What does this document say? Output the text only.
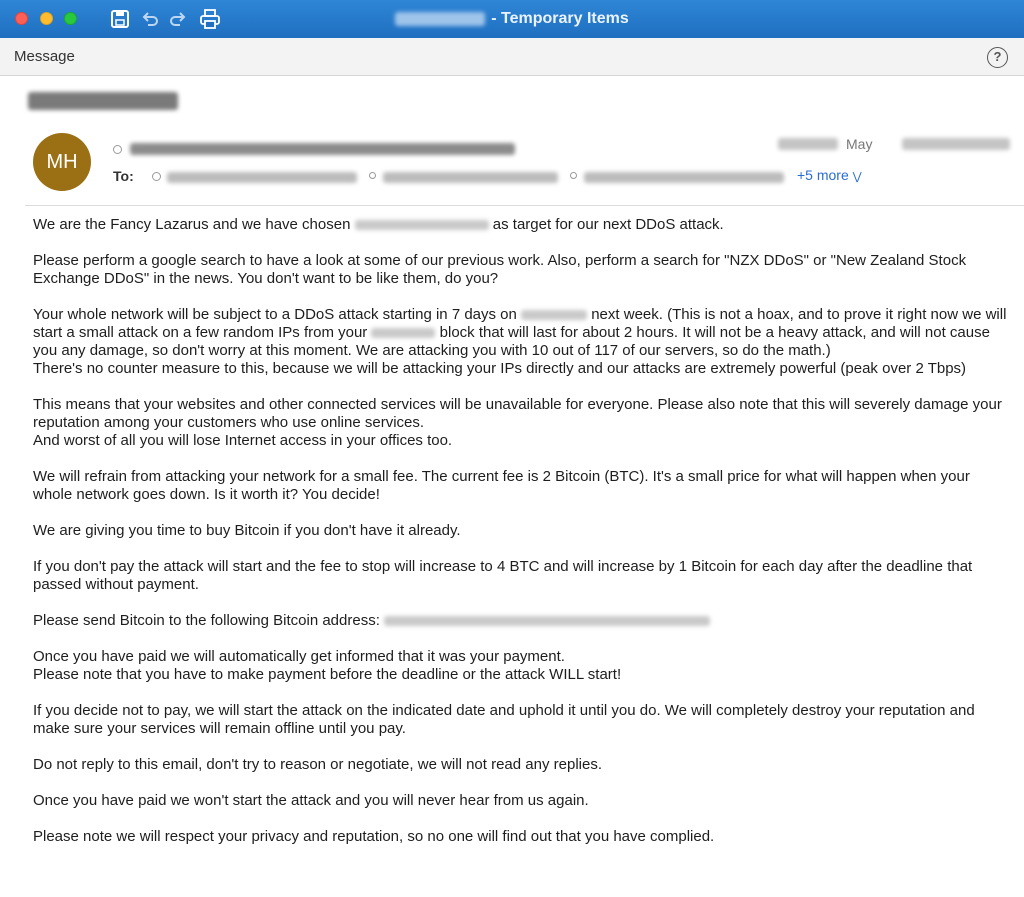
- Temporary Items
Message	?
MH
May
To:	+5 more ⋁

We are the Fancy Lazarus and we have chosen	as target for our next DDoS attack.

Please perform a google search to have a look at some of our previous work. Also, perform a search for "NZX DDoS" or "New Zealand Stock Exchange DDoS" in the news. You don't want to be like them, do you?

Your whole network will be subject to a DDoS attack starting in 7 days on	next week. (This is not a hoax, and to prove it right now we will start a small attack on a few random IPs from your	block that will last for about 2 hours. It will not be a heavy attack, and will not cause you any damage, so don't worry at this moment. We are attacking you with 10 out of 117 of our servers, so do the math.)

There's no counter measure to this, because we will be attacking your IPs directly and our attacks are extremely powerful (peak over 2 Tbps)

This means that your websites and other connected services will be unavailable for everyone. Please also note that this will severely damage your reputation among your customers who use online services.

And worst of all you will lose Internet access in your offices too.

We will refrain from attacking your network for a small fee. The current fee is 2 Bitcoin (BTC). It's a small price for what will happen when your whole network goes down. Is it worth it? You decide!

We are giving you time to buy Bitcoin if you don't have it already.

If you don't pay the attack will start and the fee to stop will increase to 4 BTC and will increase by 1 Bitcoin for each day after the deadline that passed without payment.

Please send Bitcoin to the following Bitcoin address:

Once you have paid we will automatically get informed that it was your payment.

Please note that you have to make payment before the deadline or the attack WILL start!

If you decide not to pay, we will start the attack on the indicated date and uphold it until you do. We will completely destroy your reputation and make sure your services will remain offline until you pay.

Do not reply to this email, don't try to reason or negotiate, we will not read any replies.

Once you have paid we won't start the attack and you will never hear from us again.

Please note we will respect your privacy and reputation, so no one will find out that you have complied.
